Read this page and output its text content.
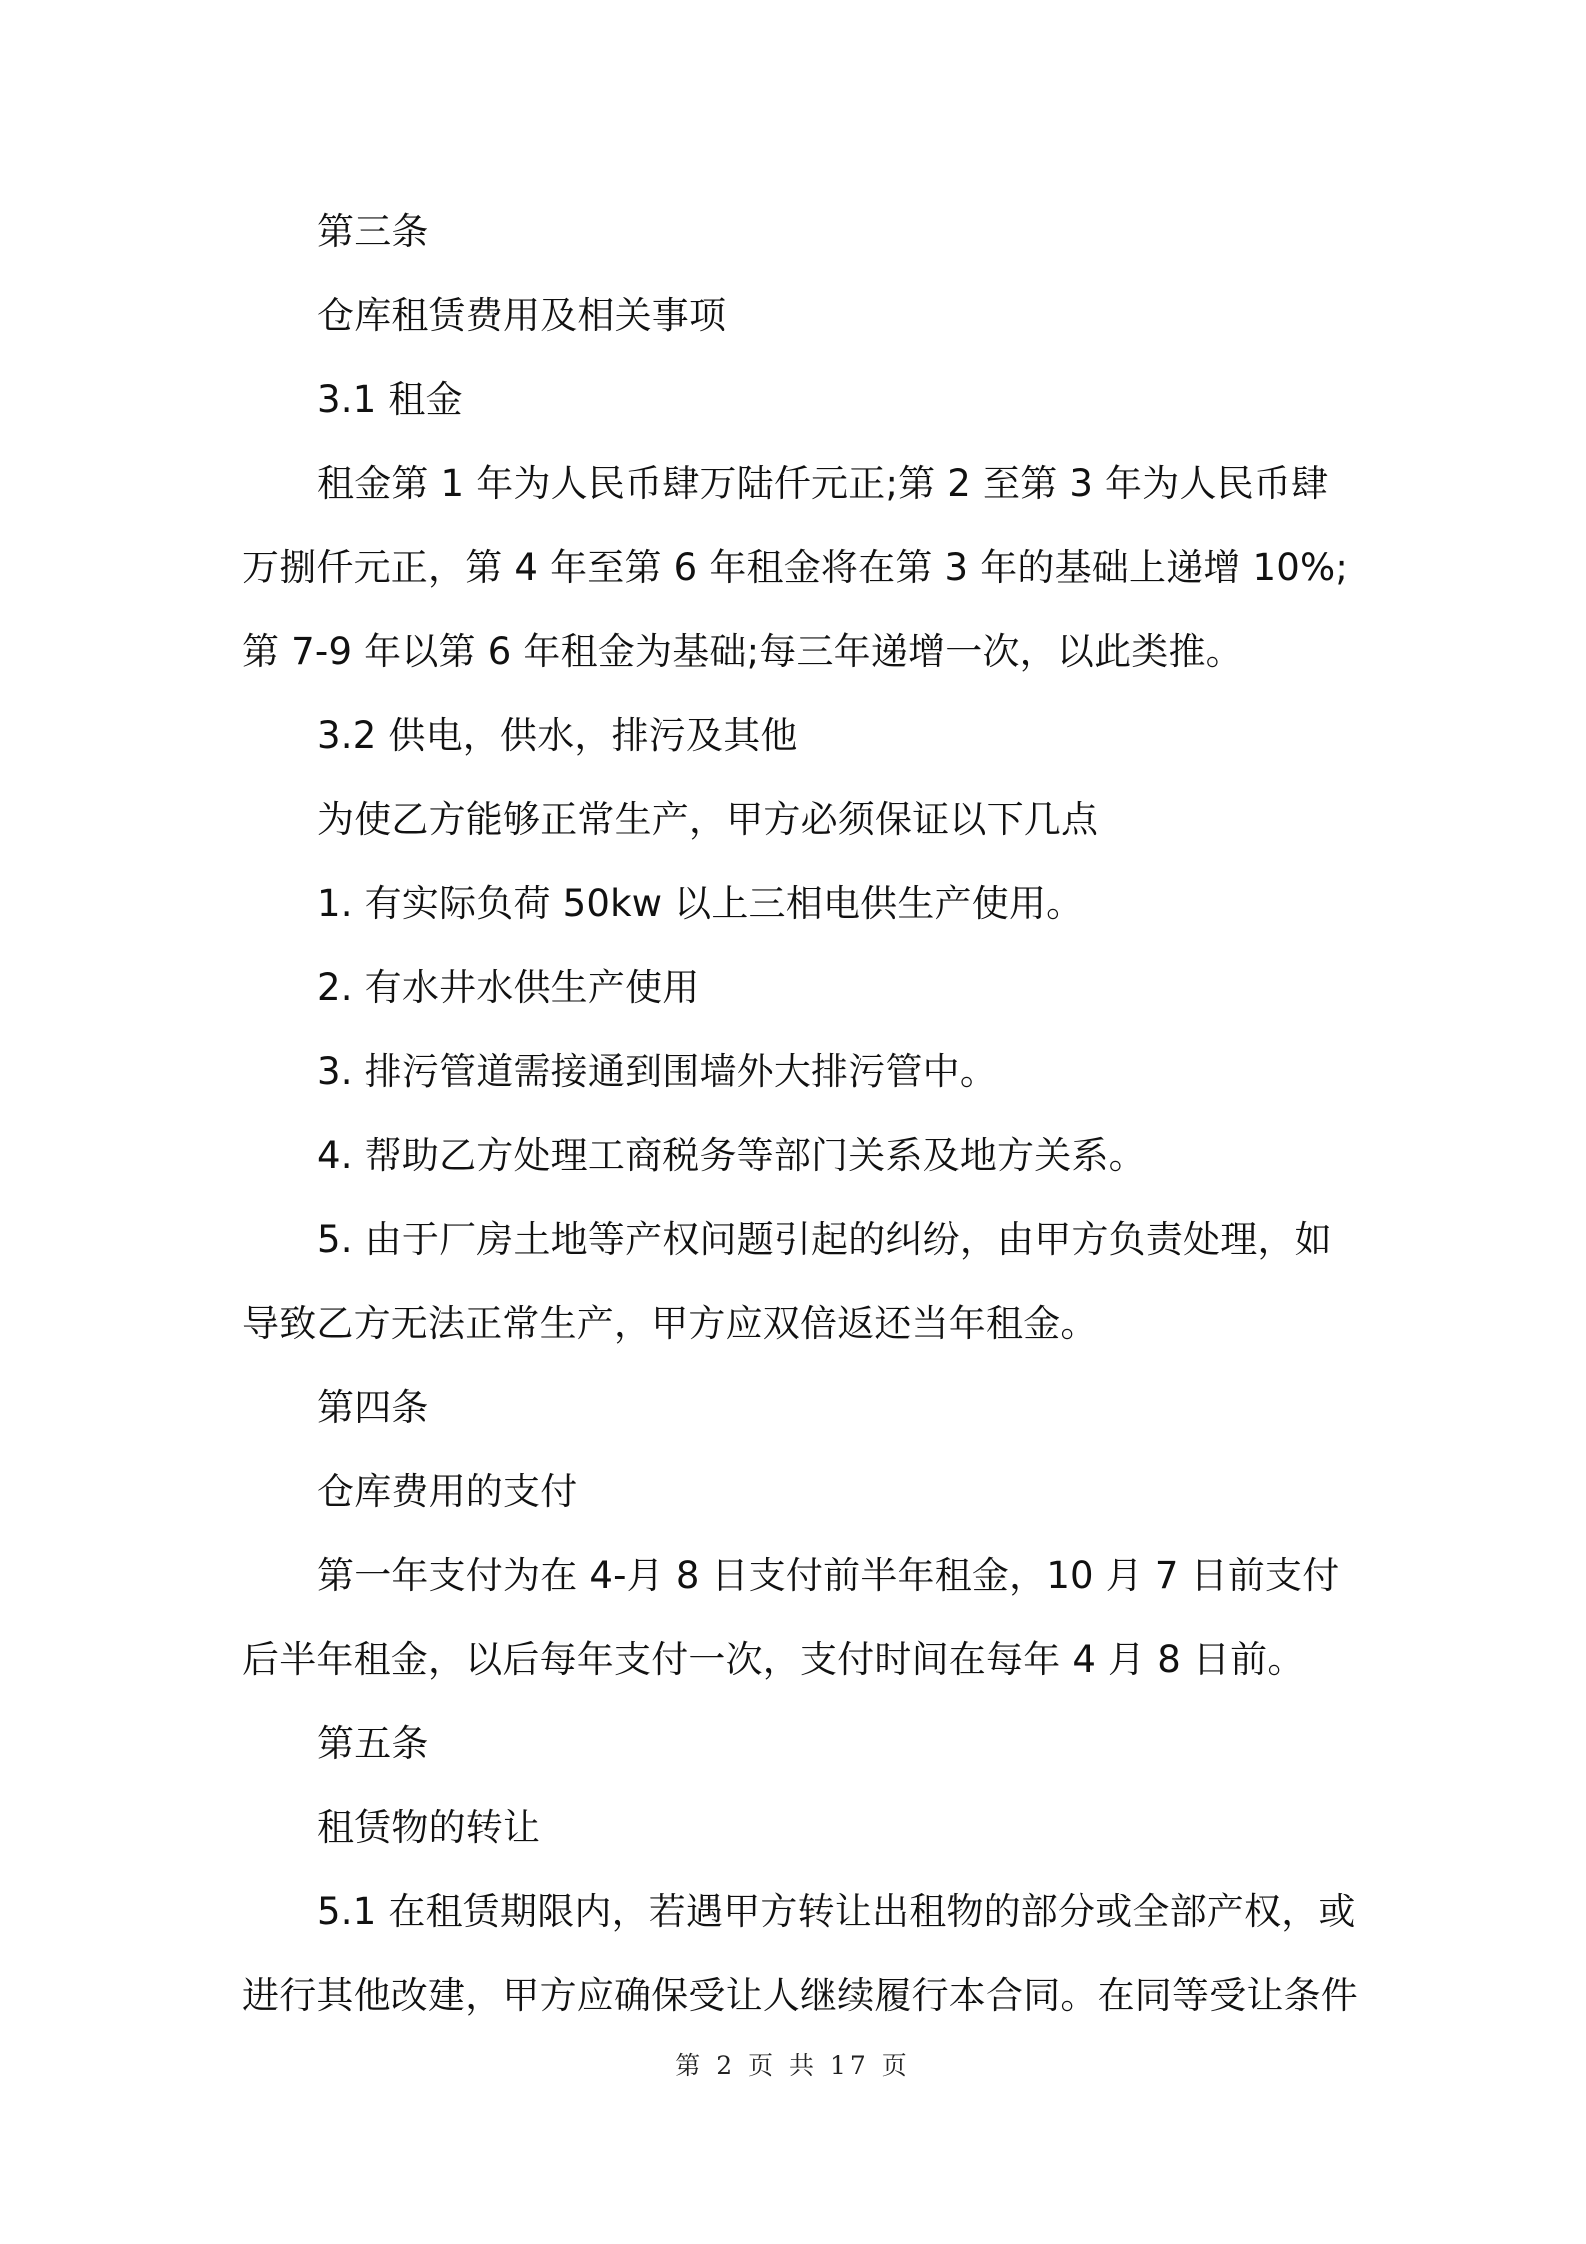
第三条

仓库租赁费用及相关事项

3.1 租金

租金第 1 年为人民币肆万陆仟元正;第 2 至第 3 年为人民币肆万捌仟元正，第 4 年至第 6 年租金将在第 3 年的基础上递增 10%;第 7-9 年以第 6 年租金为基础;每三年递增一次，以此类推。

3.2 供电，供水，排污及其他

为使乙方能够正常生产，甲方必须保证以下几点

1. 有实际负荷 50kw 以上三相电供生产使用。

2. 有水井水供生产使用

3. 排污管道需接通到围墙外大排污管中。

4. 帮助乙方处理工商税务等部门关系及地方关系。

5. 由于厂房土地等产权问题引起的纠纷，由甲方负责处理，如导致乙方无法正常生产，甲方应双倍返还当年租金。

第四条

仓库费用的支付

第一年支付为在 4-月 8 日支付前半年租金，10 月 7 日前支付后半年租金，以后每年支付一次，支付时间在每年 4 月 8 日前。

第五条

租赁物的转让

5.1 在租赁期限内，若遇甲方转让出租物的部分或全部产权，或进行其他改建，甲方应确保受让人继续履行本合同。在同等受让条件

第 2 页 共 17 页
